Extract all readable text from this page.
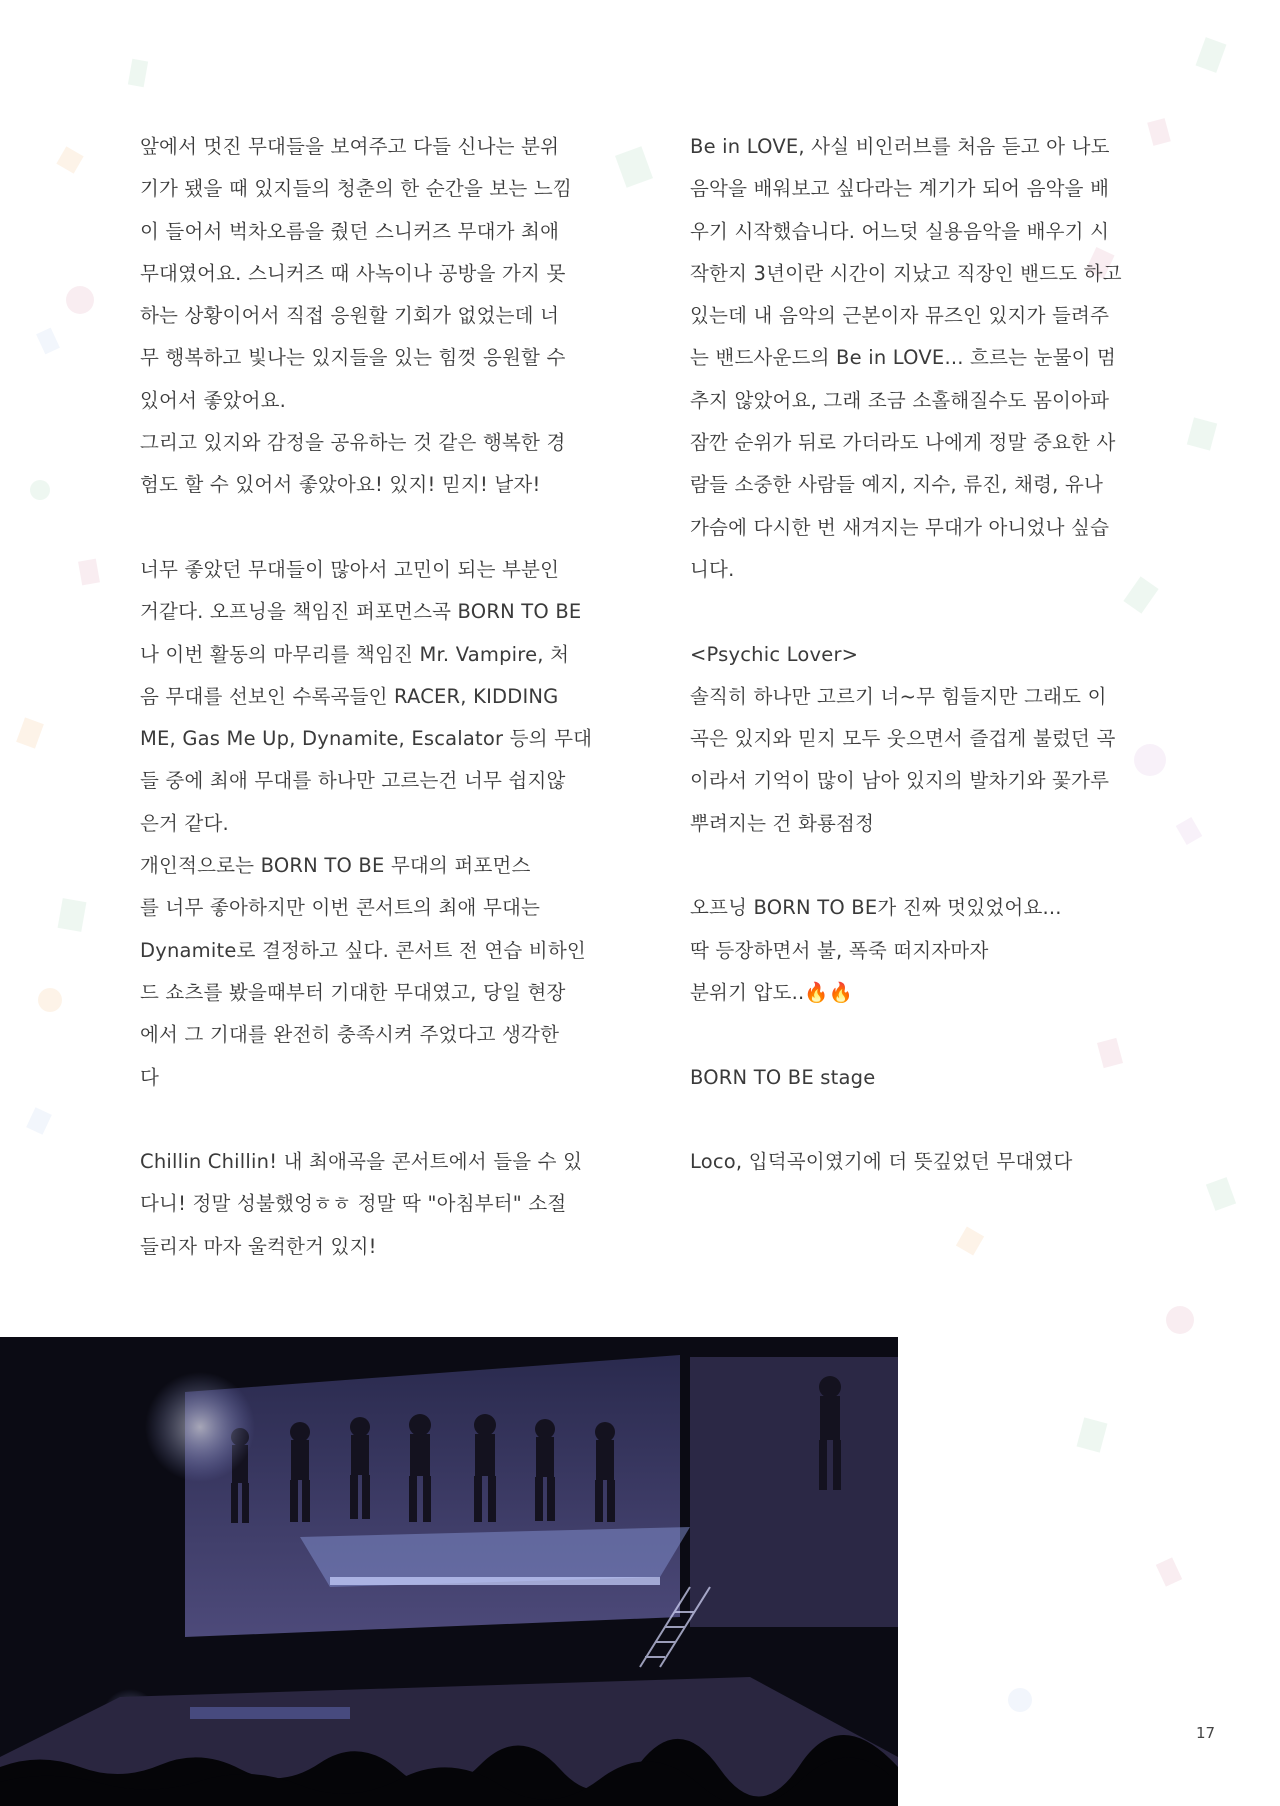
앞에서 멋진 무대들을 보여주고 다들 신나는 분위
기가 됐을 때 있지들의 청춘의 한 순간을 보는 느낌
이 들어서 벅차오름을 줬던 스니커즈 무대가 최애
무대였어요. 스니커즈 때 사녹이나 공방을 가지 못
하는 상황이어서 직접 응원할 기회가 없었는데 너
무 행복하고 빛나는 있지들을 있는 힘껏 응원할 수
있어서 좋았어요.
그리고 있지와 감정을 공유하는 것 같은 행복한 경
험도 할 수 있어서 좋았아요! 있지! 믿지! 날자!
너무 좋았던 무대들이 많아서 고민이 되는 부분인
거같다. 오프닝을 책임진 퍼포먼스곡 BORN TO BE
나 이번 활동의 마무리를 책임진 Mr. Vampire, 처
음 무대를 선보인 수록곡들인 RACER, KIDDING
ME, Gas Me Up, Dynamite, Escalator 등의 무대
들 중에 최애 무대를 하나만 고르는건 너무 쉽지않
은거 같다.
개인적으로는 BORN TO BE 무대의 퍼포먼스
를 너무 좋아하지만 이번 콘서트의 최애 무대는
Dynamite로 결정하고 싶다. 콘서트 전 연습 비하인
드 쇼츠를 봤을때부터 기대한 무대였고, 당일 현장
에서 그 기대를 완전히 충족시켜 주었다고 생각한
다
Chillin Chillin! 내 최애곡을 콘서트에서 들을 수 있
다니! 정말 성불했엉ㅎㅎ 정말 딱 "아침부터" 소절
들리자 마자 울컥한거 있지!
Be in LOVE, 사실 비인러브를 처음 듣고 아 나도
음악을 배워보고 싶다라는 계기가 되어 음악을 배
우기 시작했습니다. 어느덧 실용음악을 배우기 시
작한지 3년이란 시간이 지났고 직장인 밴드도 하고
있는데 내 음악의 근본이자 뮤즈인 있지가 들려주
는 밴드사운드의 Be in LOVE... 흐르는 눈물이 멈
추지 않았어요, 그래 조금 소홀해질수도 몸이아파
잠깐 순위가 뒤로 가더라도 나에게 정말 중요한 사
람들 소중한 사람들 예지, 지수, 류진, 채령, 유나
가슴에 다시한 번 새겨지는 무대가 아니었나 싶습
니다.
<Psychic Lover>
솔직히 하나만 고르기 너~무 힘들지만 그래도 이
곡은 있지와 믿지 모두 웃으면서 즐겁게 불렀던 곡
이라서 기억이 많이 남아 있지의 발차기와 꽃가루
뿌려지는 건 화룡점정
오프닝 BORN TO BE가 진짜 멋있었어요...
딱 등장하면서 불, 폭죽 떠지자마자
분위기 압도..🔥🔥
BORN TO BE stage
Loco, 입덕곡이였기에 더 뜻깊었던 무대였다
17
